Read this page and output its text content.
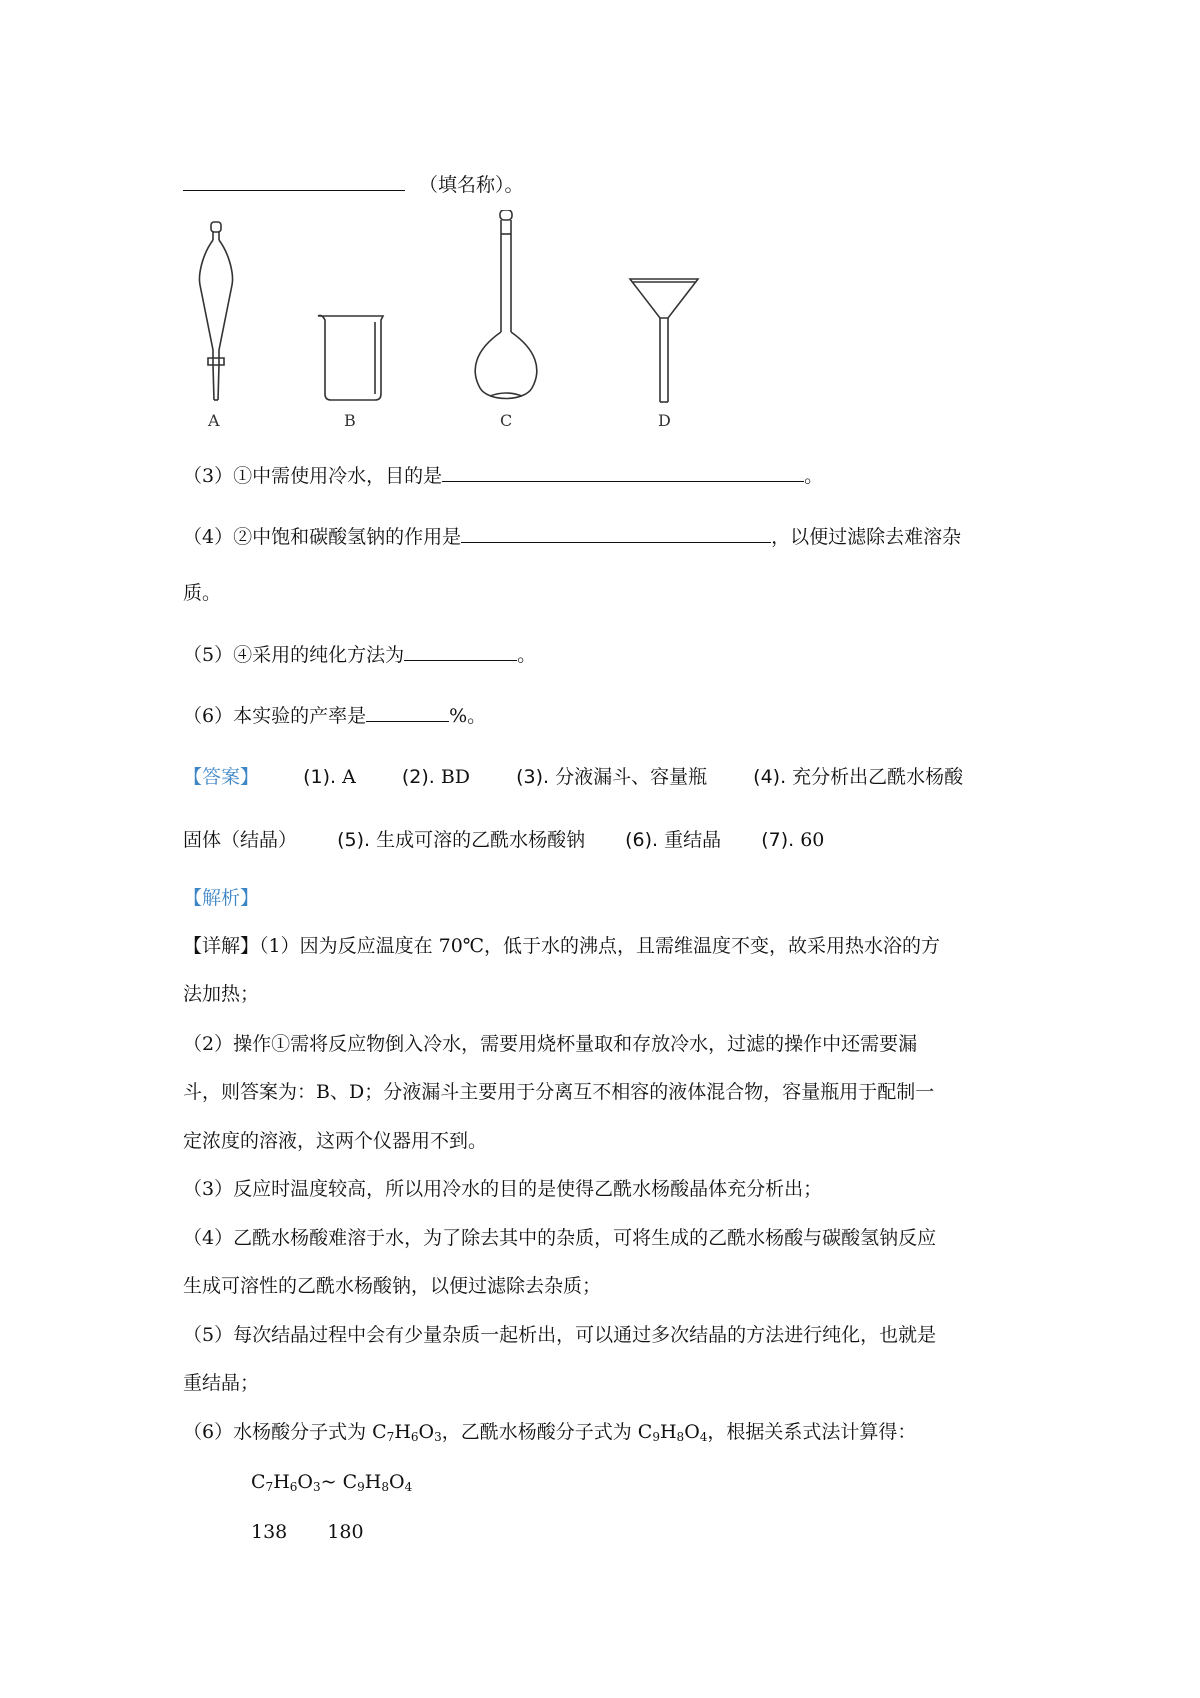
（填名称）。
A	B	C	D
（3）①中需使用冷水，目的是	。
（4）②中饱和碳酸氢钠的作用是	，以便过滤除去难溶杂
质。
（5）④采用的纯化方法为	。
（6）本实验的产率是	%。
【答案】 (1). A (2). BD (3). 分液漏斗、容量瓶 (4). 充分析出乙酰水杨酸
固体（结晶） (5). 生成可溶的乙酰水杨酸钠 (6). 重结晶 (7). 60
【解析】
【详解】（1）因为反应温度在 70℃，低于水的沸点，且需维温度不变，故采用热水浴的方
法加热；
（2）操作①需将反应物倒入冷水，需要用烧杯量取和存放冷水，过滤的操作中还需要漏
斗，则答案为：B、D；分液漏斗主要用于分离互不相容的液体混合物，容量瓶用于配制一
定浓度的溶液，这两个仪器用不到。
（3）反应时温度较高，所以用冷水的目的是使得乙酰水杨酸晶体充分析出；
（4）乙酰水杨酸难溶于水，为了除去其中的杂质，可将生成的乙酰水杨酸与碳酸氢钠反应
生成可溶性的乙酰水杨酸钠，以便过滤除去杂质；
（5）每次结晶过程中会有少量杂质一起析出，可以通过多次结晶的方法进行纯化，也就是
重结晶；
（6）水杨酸分子式为 $C_7H_6O_3$，乙酰水杨酸分子式为 $C_9H_8O_4$，根据关系式法计算得：
$C_7H_6O_3\sim$ $C_9H_8O_4$
138 180
